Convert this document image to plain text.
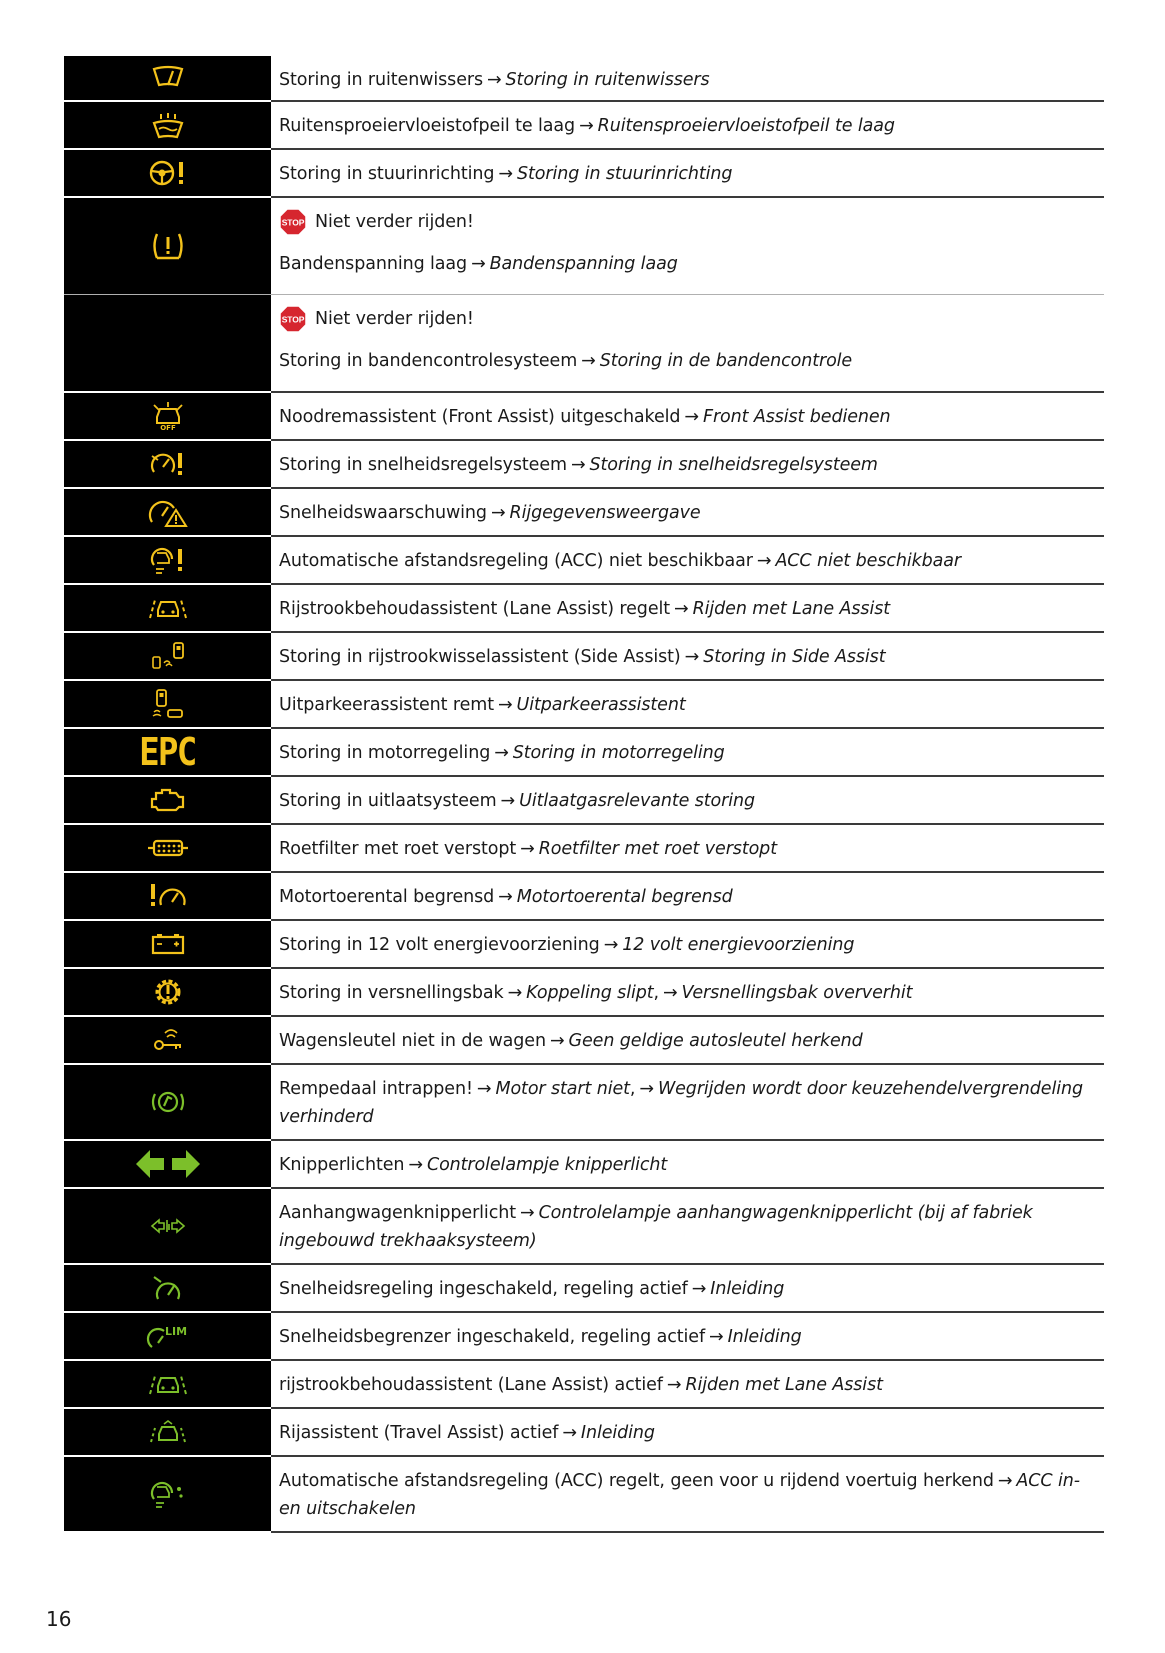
Storing in ruitenwissers → Storing in ruitenwissers
Ruitensproeiervloeistofpeil te laag → Ruitensproeiervloeistofpeil te laag
Storing in stuurinrichting → Storing in stuurinrichting
STOP Niet verder rijden!
Bandenspanning laag → Bandenspanning laag
STOP Niet verder rijden!
Storing in bandencontrolesysteem → Storing in de bandencontrole
OFF
Noodremassistent (Front Assist) uitgeschakeld → Front Assist bedienen
Storing in snelheidsregelsysteem → Storing in snelheidsregelsysteem
Snelheidswaarschuwing → Rijgegevensweergave
Automatische afstandsregeling (ACC) niet beschikbaar → ACC niet beschikbaar
Rijstrookbehoudassistent (Lane Assist) regelt → Rijden met Lane Assist
Storing in rijstrookwisselassistent (Side Assist) → Storing in Side Assist
Uitparkeerassistent remt → Uitparkeerassistent
EPC	Storing in motorregeling → Storing in motorregeling
Storing in uitlaatsysteem → Uitlaatgasrelevante storing
Roetfilter met roet verstopt → Roetfilter met roet verstopt
Motortoerental begrensd → Motortoerental begrensd
Storing in 12 volt energievoorziening → 12 volt energievoorziening
Storing in versnellingsbak → Koppeling slipt, → Versnellingsbak oververhit
Wagensleutel niet in de wagen → Geen geldige autosleutel herkend
Rempedaal intrappen! → Motor start niet, → Wegrijden wordt door keuzehendelvergrendeling verhinderd
Knipperlichten → Controlelampje knipperlicht
Aanhangwagenknipperlicht → Controlelampje aanhangwagenknipperlicht (bij af fabriek ingebouwd trekhaaksysteem)
Snelheidsregeling ingeschakeld, regeling actief → Inleiding
LIM	Snelheidsbegrenzer ingeschakeld, regeling actief → Inleiding
rijstrookbehoudassistent (Lane Assist) actief → Rijden met Lane Assist
Rijassistent (Travel Assist) actief → Inleiding
Automatische afstandsregeling (ACC) regelt, geen voor u rijdend voertuig herkend → ACC in- en uitschakelen
16
